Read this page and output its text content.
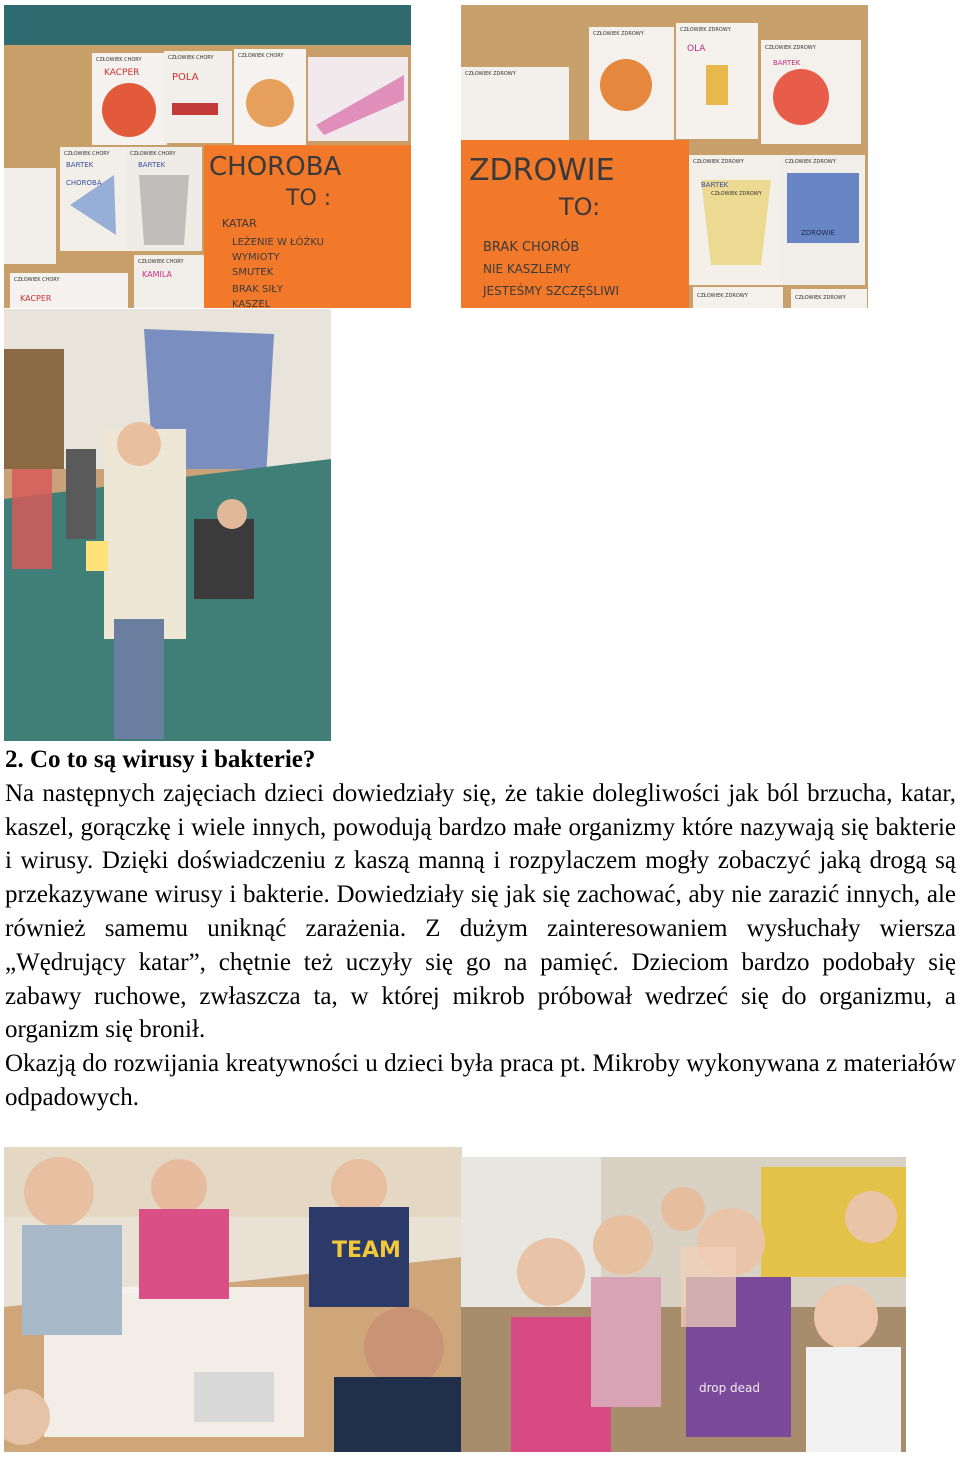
CHOROBA
TO :
KATAR
LEŻENIE W ŁÓŻKU
WYMIOTY
SMUTEK
BRAK SIŁY
KASZEL
CZŁOWIEK CHORY	CZŁOWIEK CHORY	CZŁOWIEK CHORY
CZŁOWIEK CHORY	CZŁOWIEK CHORY
CZŁOWIEK CHORY
CZŁOWIEK CHORY
KACPER	POLA
BARTEK	BARTEK
KAMILA
KACPER
CHOROBA	ZDROWIE
TO:
BRAK CHORÓB
NIE KASZLEMY
JESTEŚMY SZCZĘŚLIWI
CZŁOWIEK ZDROWY
CZŁOWIEK ZDROWY
CZŁOWIEK ZDROWY
CZŁOWIEK ZDROWY
CZŁOWIEK ZDROWY	CZŁOWIEK ZDROWY
CZŁOWIEK ZDROWY	CZŁOWIEK ZDROWY
CZŁOWIEK ZDROWY
OLA
BARTEK
BARTEK
ZDROWIE

2. Co to są wirusy i bakterie?

Na następnych zajęciach dzieci dowiedziały się, że takie dolegliwości jak ból brzucha, katar, kaszel, gorączkę i wiele innych, powodują bardzo małe organizmy które nazywają się bakterie i wirusy. Dzięki doświadczeniu z kaszą manną i rozpylaczem mogły zobaczyć jaką drogą są przekazywane wirusy i bakterie. Dowiedziały się jak się zachować, aby nie zarazić innych, ale również samemu uniknąć zarażenia. Z dużym zainteresowaniem wysłuchały wiersza „Wędrujący katar”, chętnie też uczyły się go na pamięć. Dzieciom bardzo podobały się zabawy ruchowe, zwłaszcza ta, w której mikrob próbował wedrzeć się do organizmu, a organizm się bronił.

Okazją do rozwijania kreatywności u dzieci była praca pt. Mikroby wykonywana z materiałów odpadowych.

TEAM
drop dead
